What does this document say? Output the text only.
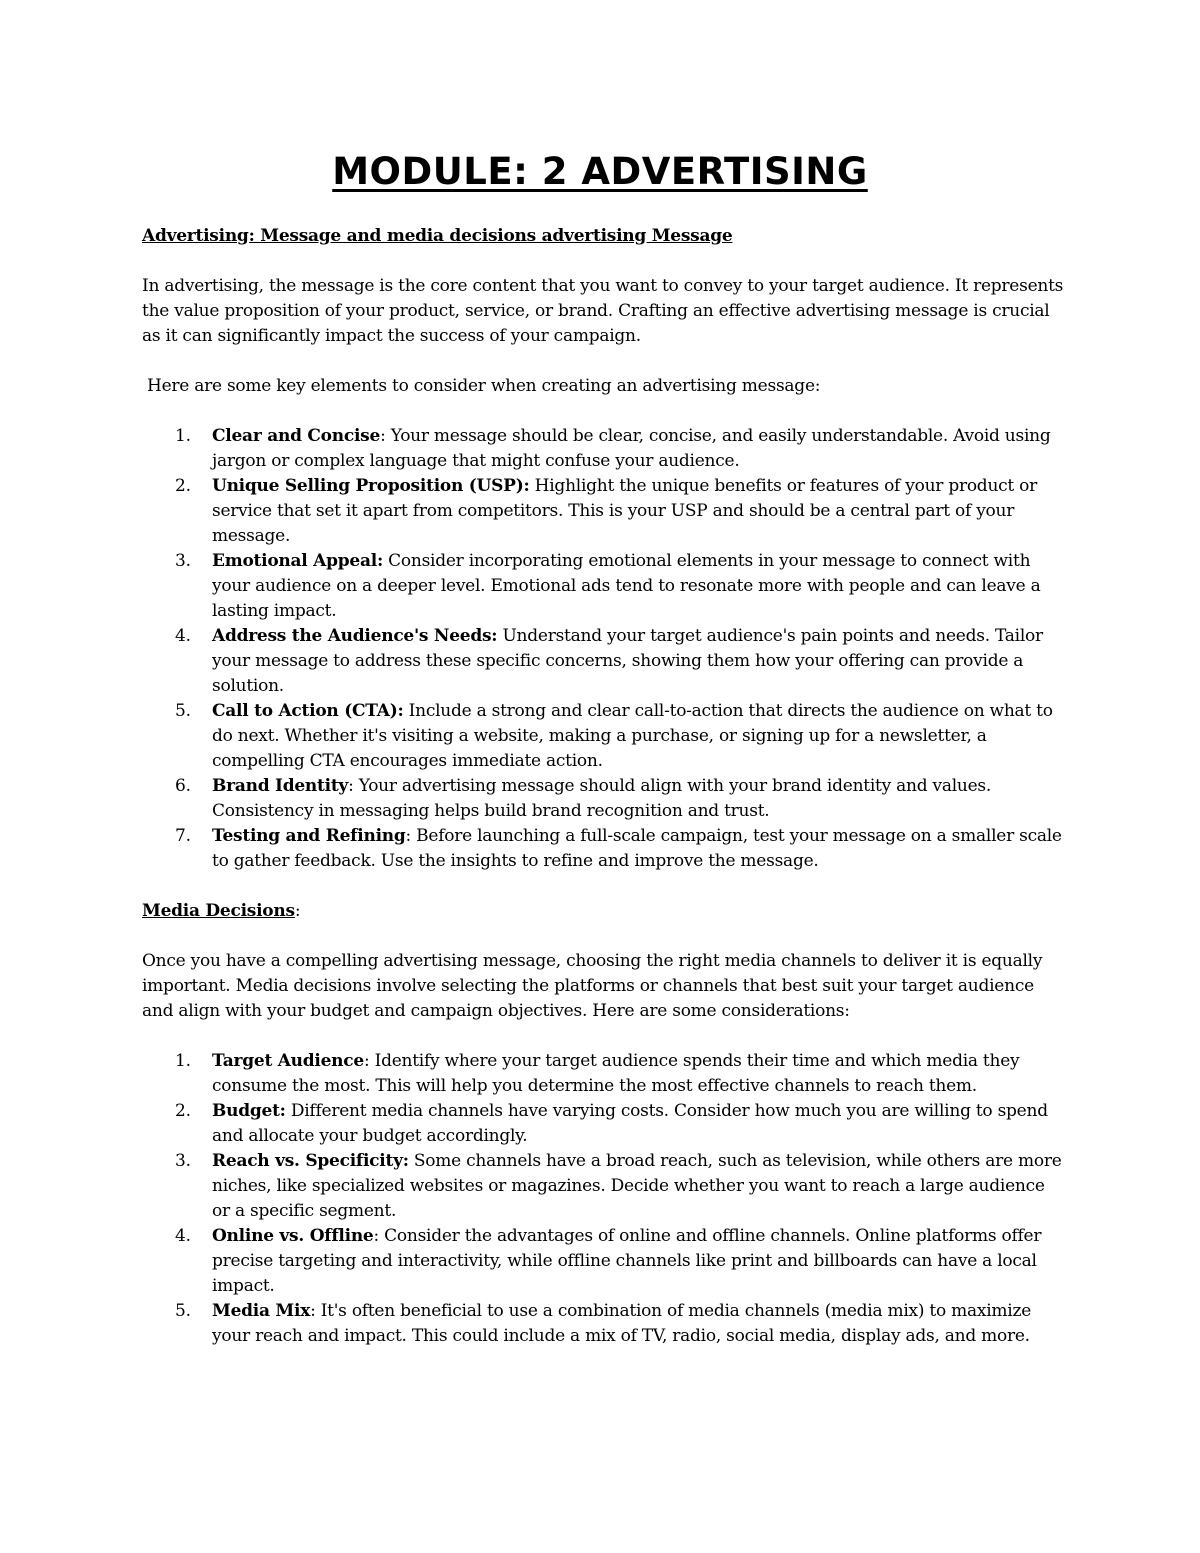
MODULE: 2 ADVERTISING

Advertising: Message and media decisions advertising Message

In advertising, the message is the core content that you want to convey to your target audience. It represents the value proposition of your product, service, or brand. Crafting an effective advertising message is crucial as it can significantly impact the success of your campaign.

Here are some key elements to consider when creating an advertising message:

1. Clear and Concise: Your message should be clear, concise, and easily understandable. Avoid using jargon or complex language that might confuse your audience.
2. Unique Selling Proposition (USP): Highlight the unique benefits or features of your product or service that set it apart from competitors. This is your USP and should be a central part of your message.
3. Emotional Appeal: Consider incorporating emotional elements in your message to connect with your audience on a deeper level. Emotional ads tend to resonate more with people and can leave a lasting impact.
4. Address the Audience's Needs: Understand your target audience's pain points and needs. Tailor your message to address these specific concerns, showing them how your offering can provide a solution.
5. Call to Action (CTA): Include a strong and clear call-to-action that directs the audience on what to do next. Whether it's visiting a website, making a purchase, or signing up for a newsletter, a compelling CTA encourages immediate action.
6. Brand Identity: Your advertising message should align with your brand identity and values. Consistency in messaging helps build brand recognition and trust.
7. Testing and Refining: Before launching a full-scale campaign, test your message on a smaller scale to gather feedback. Use the insights to refine and improve the message.

Media Decisions:

Once you have a compelling advertising message, choosing the right media channels to deliver it is equally important. Media decisions involve selecting the platforms or channels that best suit your target audience and align with your budget and campaign objectives. Here are some considerations:

1. Target Audience: Identify where your target audience spends their time and which media they consume the most. This will help you determine the most effective channels to reach them.
2. Budget: Different media channels have varying costs. Consider how much you are willing to spend and allocate your budget accordingly.
3. Reach vs. Specificity: Some channels have a broad reach, such as television, while others are more niches, like specialized websites or magazines. Decide whether you want to reach a large audience or a specific segment.
4. Online vs. Offline: Consider the advantages of online and offline channels. Online platforms offer precise targeting and interactivity, while offline channels like print and billboards can have a local impact.
5. Media Mix: It's often beneficial to use a combination of media channels (media mix) to maximize your reach and impact. This could include a mix of TV, radio, social media, display ads, and more.
